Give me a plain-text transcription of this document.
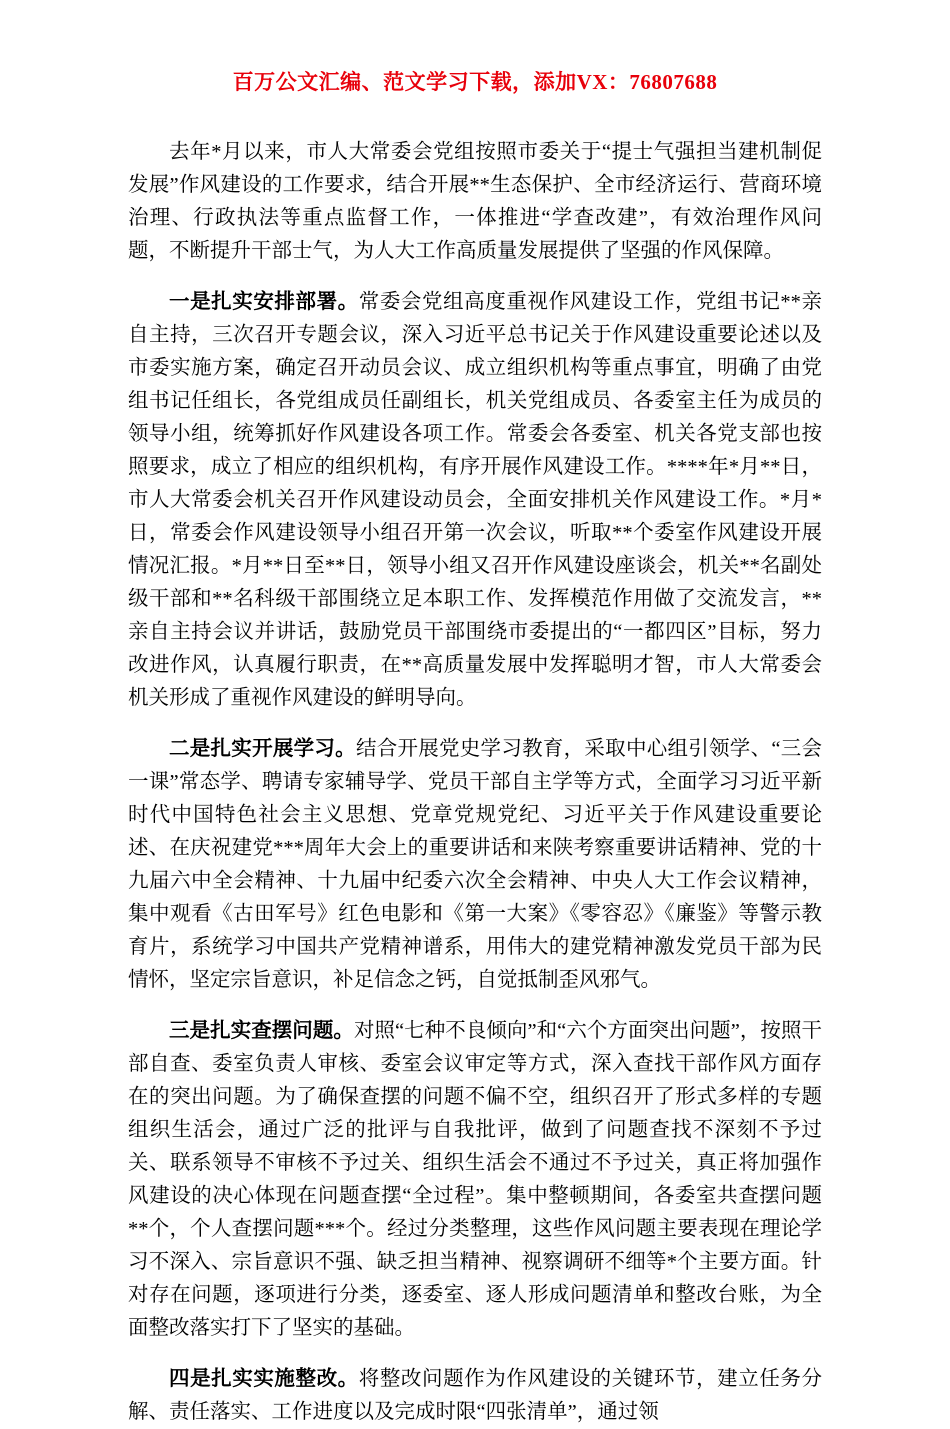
百万公文汇编、范文学习下载，添加VX：76807688

去年*月以来，市人大常委会党组按照市委关于“提士气强担当建机制促发展”作风建设的工作要求，结合开展**生态保护、全市经济运行、营商环境治理、行政执法等重点监督工作，一体推进“学查改建”，有效治理作风问题，不断提升干部士气，为人大工作高质量发展提供了坚强的作风保障。

一是扎实安排部署。常委会党组高度重视作风建设工作，党组书记**亲自主持，三次召开专题会议，深入习近平总书记关于作风建设重要论述以及市委实施方案，确定召开动员会议、成立组织机构等重点事宜，明确了由党组书记任组长，各党组成员任副组长，机关党组成员、各委室主任为成员的领导小组，统筹抓好作风建设各项工作。常委会各委室、机关各党支部也按照要求，成立了相应的组织机构，有序开展作风建设工作。****年*月**日，市人大常委会机关召开作风建设动员会，全面安排机关作风建设工作。*月*日，常委会作风建设领导小组召开第一次会议，听取**个委室作风建设开展情况汇报。*月**日至**日，领导小组又召开作风建设座谈会，机关**名副处级干部和**名科级干部围绕立足本职工作、发挥模范作用做了交流发言，**亲自主持会议并讲话，鼓励党员干部围绕市委提出的“一都四区”目标，努力改进作风，认真履行职责，在**高质量发展中发挥聪明才智，市人大常委会机关形成了重视作风建设的鲜明导向。

二是扎实开展学习。结合开展党史学习教育，采取中心组引领学、“三会一课”常态学、聘请专家辅导学、党员干部自主学等方式，全面学习习近平新时代中国特色社会主义思想、党章党规党纪、习近平关于作风建设重要论述、在庆祝建党***周年大会上的重要讲话和来陕考察重要讲话精神、党的十九届六中全会精神、十九届中纪委六次全会精神、中央人大工作会议精神，集中观看《古田军号》红色电影和《第一大案》《零容忍》《廉鉴》等警示教育片，系统学习中国共产党精神谱系，用伟大的建党精神激发党员干部为民情怀，坚定宗旨意识，补足信念之钙，自觉抵制歪风邪气。

三是扎实查摆问题。对照“七种不良倾向”和“六个方面突出问题”，按照干部自查、委室负责人审核、委室会议审定等方式，深入查找干部作风方面存在的突出问题。为了确保查摆的问题不偏不空，组织召开了形式多样的专题组织生活会，通过广泛的批评与自我批评，做到了问题查找不深刻不予过关、联系领导不审核不予过关、组织生活会不通过不予过关，真正将加强作风建设的决心体现在问题查摆“全过程”。集中整顿期间，各委室共查摆问题**个，个人查摆问题***个。经过分类整理，这些作风问题主要表现在理论学习不深入、宗旨意识不强、缺乏担当精神、视察调研不细等*个主要方面。针对存在问题，逐项进行分类，逐委室、逐人形成问题清单和整改台账，为全面整改落实打下了坚实的基础。

四是扎实实施整改。将整改问题作为作风建设的关键环节，建立任务分解、责任落实、工作进度以及完成时限“四张清单”，通过领
